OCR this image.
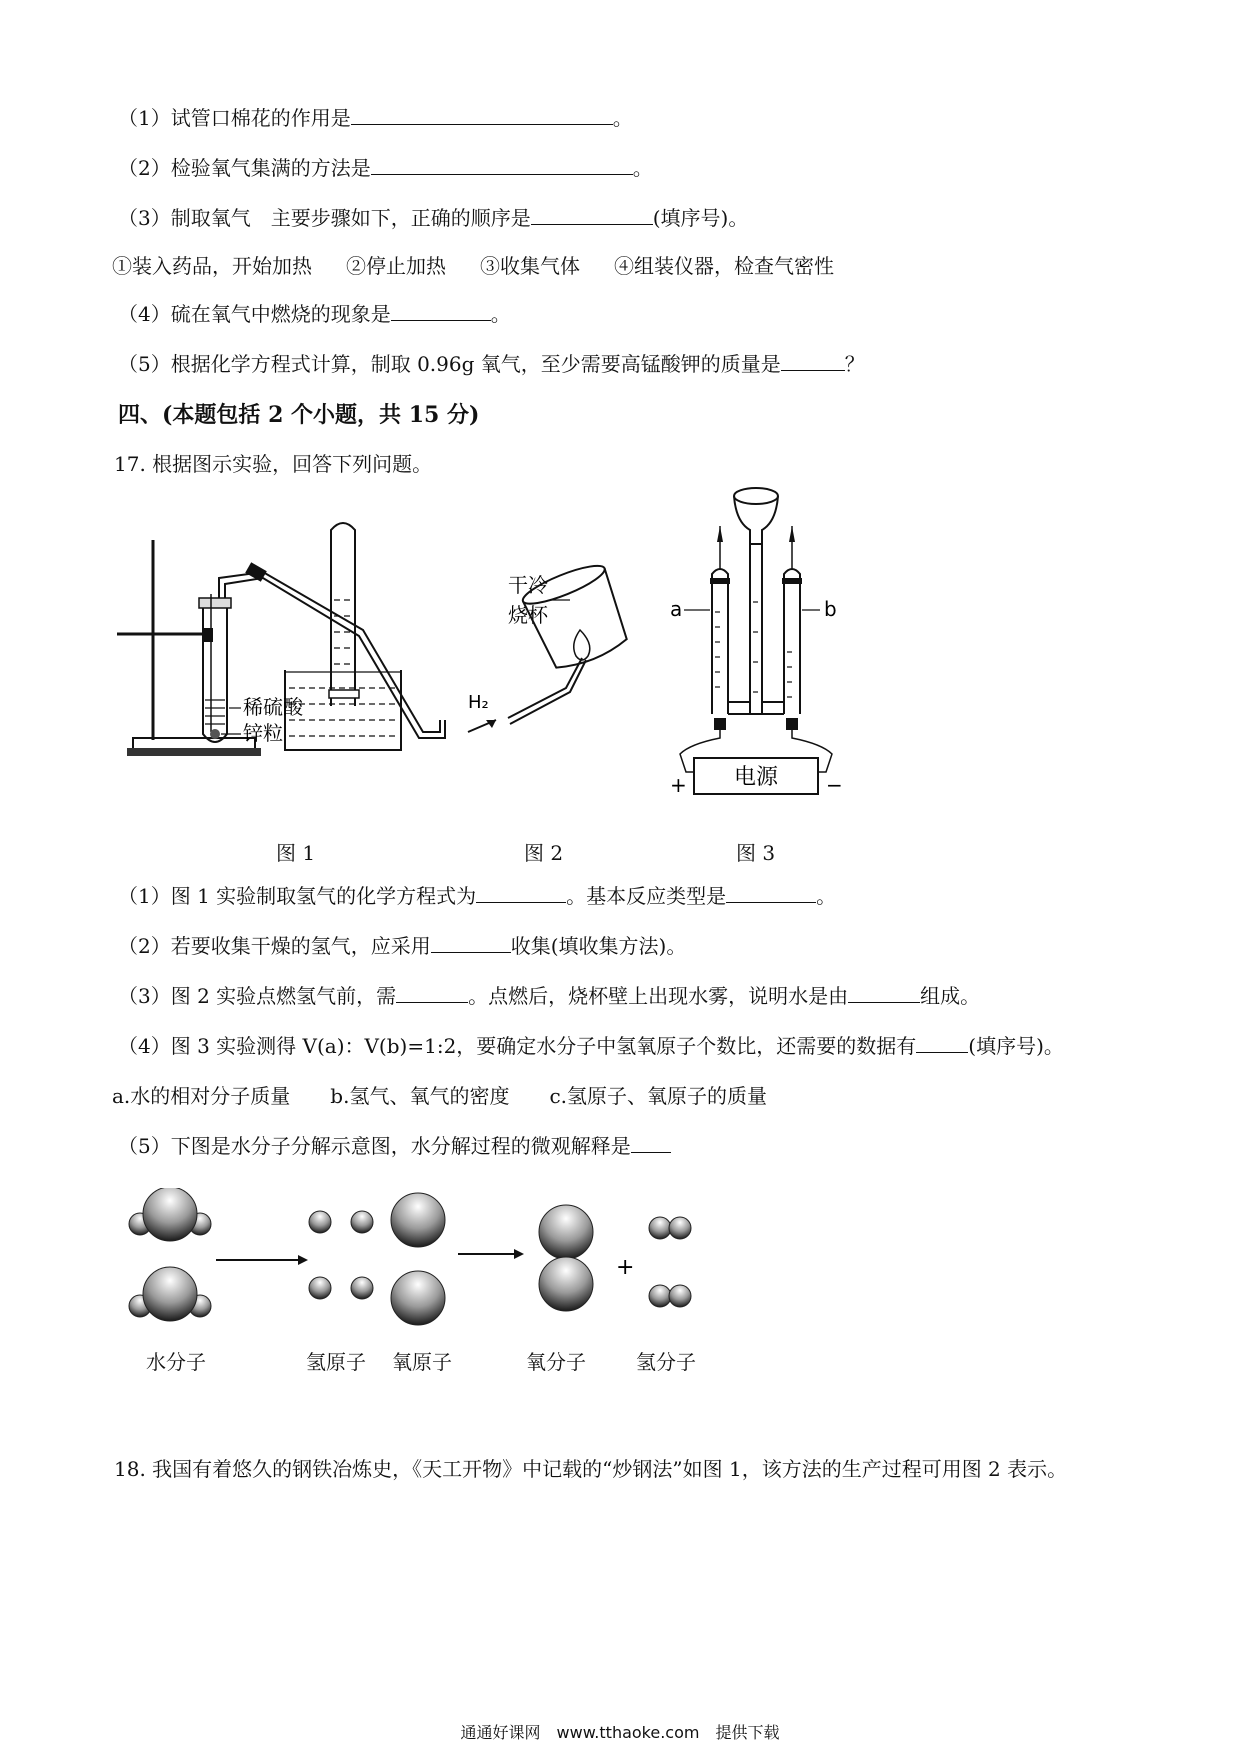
（1）试管口棉花的作用是	。
（2）检验氧气集满的方法是	。
（3）制取氧气　主要步骤如下，正确的顺序是	(填序号)。
①装入药品，开始加热 ②停止加热 ③收集气体 ④组装仪器，检查气密性
（4）硫在氧气中燃烧的现象是	。
（5）根据化学方程式计算，制取 0.96g 氧气，至少需要高锰酸钾的质量是	？
四、(本题包括 2 个小题，共 15 分)
17. 根据图示实验，回答下列问题。
稀硫酸
锌粒
干冷
烧杯
H₂
电源
+	−
a	b
图 1	图 2	图 3
（1）图 1 实验制取氢气的化学方程式为	。基本反应类型是	。
（2）若要收集干燥的氢气，应采用	收集(填收集方法)。
（3）图 2 实验点燃氢气前，需	。点燃后，烧杯壁上出现水雾，说明水是由	组成。
（4）图 3 实验测得 V(a)：V(b)=1:2，要确定水分子中氢氧原子个数比，还需要的数据有	(填序号)。
a.水的相对分子质量 b.氢气、氧气的密度 c.氢原子、氧原子的质量
（5）下图是水分子分解示意图，水分解过程的微观解释是
+
水分子	氢原子 氧原子	氧分子	氢分子
18. 我国有着悠久的钢铁冶炼史，《天工开物》中记载的“炒钢法”如图 1，该方法的生产过程可用图 2 表示。
通通好课网　www.tthaoke.com　提供下载
